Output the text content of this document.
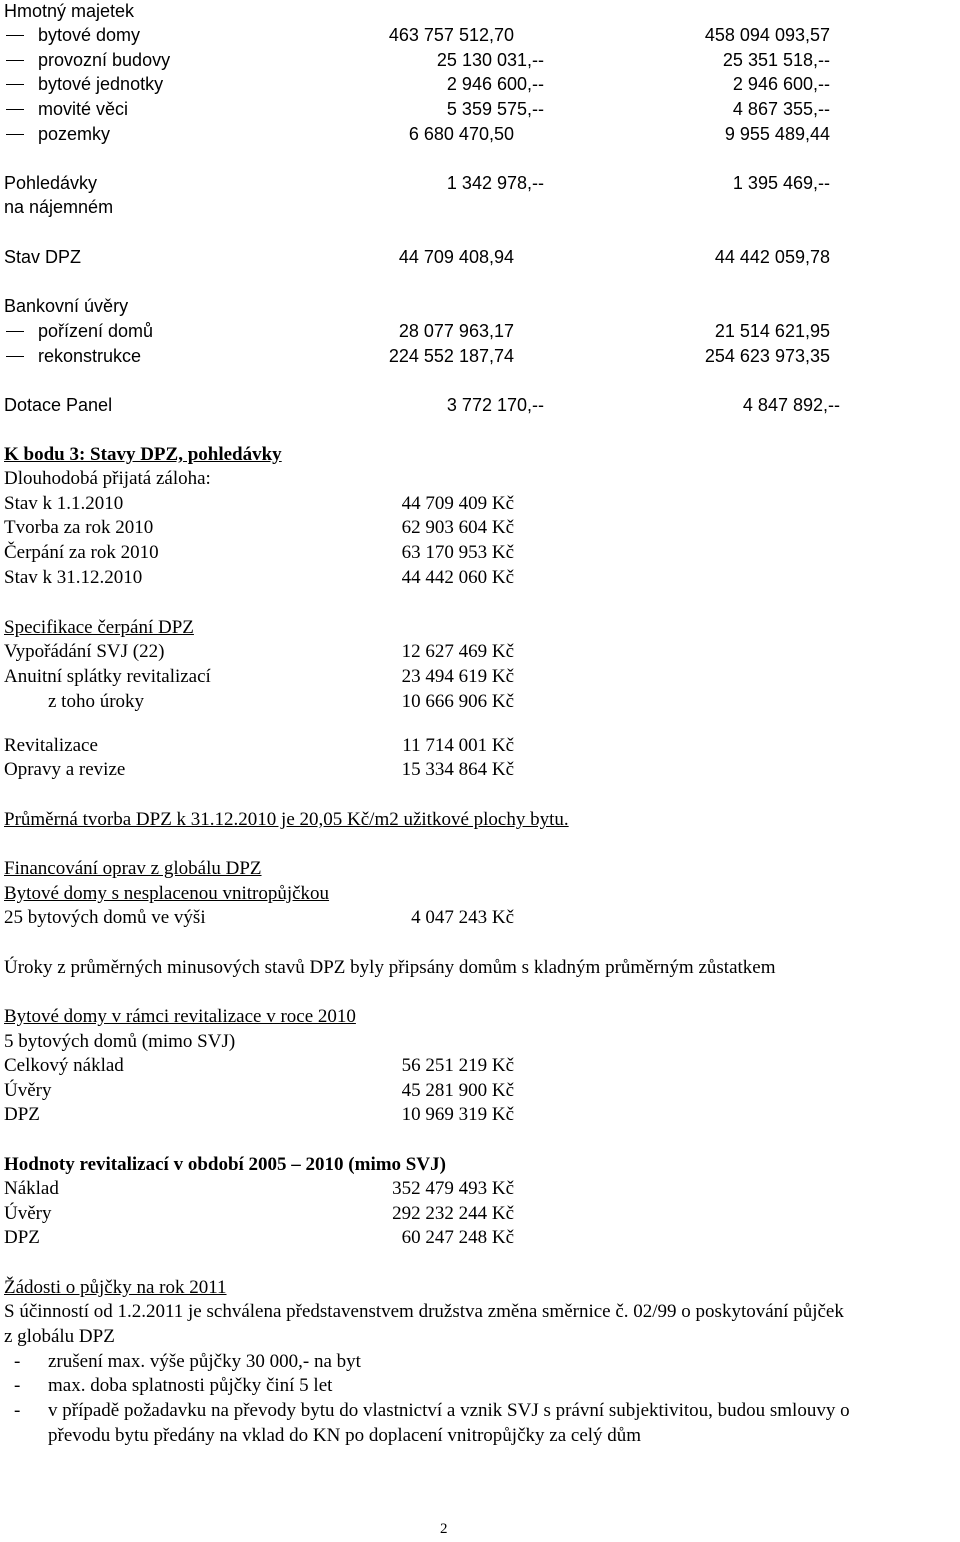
Hmotný majetek
bytové domy	463 757 512,70	458 094 093,57
provozní budovy	25 130 031,--	25 351 518,--
bytové jednotky	2 946 600,--	2 946 600,--
movité věci	5 359 575,--	4 867 355,--
pozemky	6 680 470,50	9 955 489,44
Pohledávky
na nájemném
1 342 978,--	1 395 469,--
Stav DPZ	44 709 408,94	44 442 059,78
Bankovní úvěry
pořízení domů	28 077 963,17	21 514 621,95
rekonstrukce	224 552 187,74	254 623 973,35
Dotace Panel	3 772 170,--	4 847 892,--
K bodu 3: Stavy DPZ, pohledávky
Dlouhodobá přijatá záloha:
Stav k 1.1.2010	44 709 409 Kč
Tvorba za rok 2010	62 903 604 Kč
Čerpání za rok 2010	63 170 953 Kč
Stav k 31.12.2010	44 442 060 Kč
Specifikace čerpání DPZ
Vypořádání SVJ (22)	12 627 469 Kč
Anuitní splátky revitalizací	23 494 619 Kč
z toho úroky	10 666 906 Kč
Revitalizace	11 714 001 Kč
Opravy a revize	15 334 864 Kč
Průměrná tvorba DPZ k 31.12.2010 je 20,05 Kč/m2 užitkové plochy bytu.
Financování oprav z globálu DPZ
Bytové domy s nesplacenou vnitropůjčkou
25 bytových domů ve výši	4 047 243 Kč
Úroky z průměrných minusových stavů DPZ byly připsány domům s kladným průměrným zůstatkem
Bytové domy v rámci revitalizace v roce 2010
5 bytových domů (mimo SVJ)
Celkový náklad	56 251 219 Kč
Úvěry	45 281 900 Kč
DPZ	10 969 319 Kč
Hodnoty revitalizací v období 2005 – 2010 (mimo SVJ)
Náklad	352 479 493 Kč
Úvěry	292 232 244 Kč
DPZ	60 247 248 Kč
Žádosti o půjčky na rok 2011
S účinností od 1.2.2011 je schválena představenstvem družstva změna směrnice č. 02/99 o poskytování půjček
z globálu DPZ
- zrušení max. výše půjčky 30 000,- na byt
- max. doba splatnosti půjčky činí 5 let
- v případě požadavku na převody bytu do vlastnictví a vznik SVJ s právní subjektivitou, budou smlouvy o
převodu bytu předány na vklad do KN po doplacení vnitropůjčky za celý dům
2
